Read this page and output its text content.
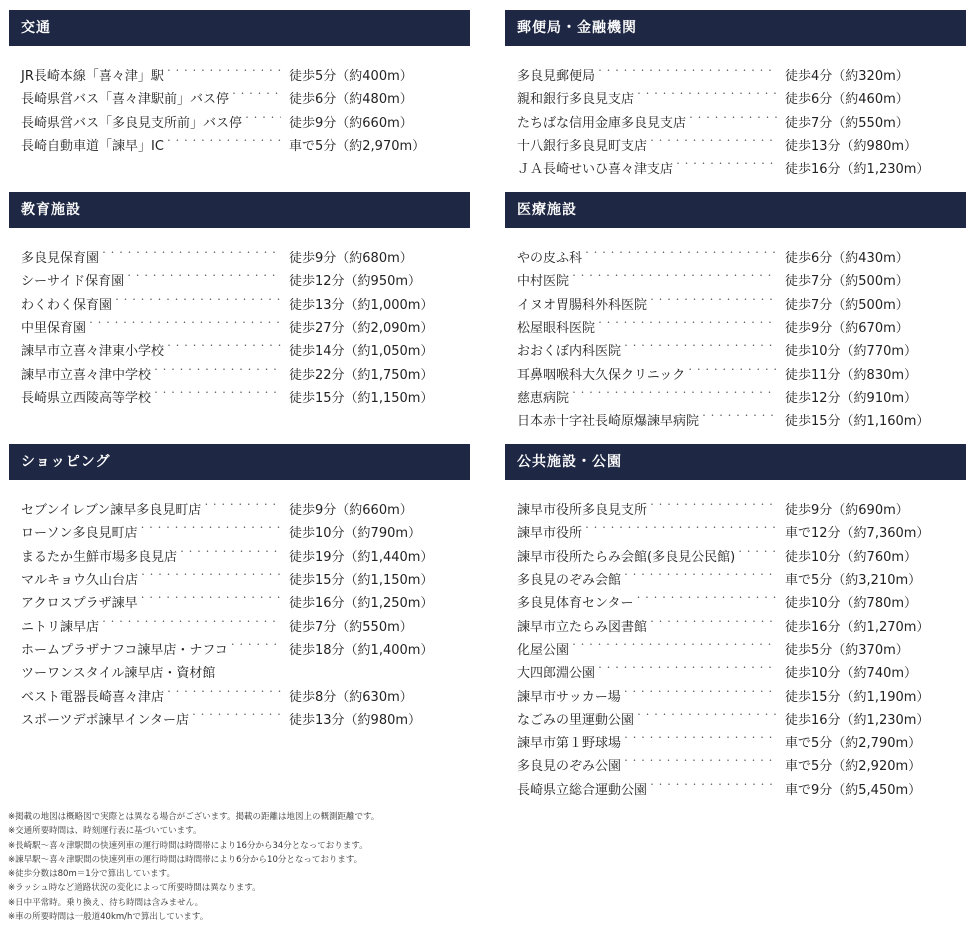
交通
JR長崎本線「喜々津」駅 ・・・・・・・・・・・・・・・・・・・・・・・・・・・・・・・・・・・・・・・・・・・・・・・・・・・・・・・・・・・・・・・・・・	徒歩5分（約400m）
長崎県営バス「喜々津駅前」バス停 ・・・・・・・・・・・・・・・・・・・・・・・・・・・・・・・・・・・・・・・・・・・・・・・・・・・・・・・・・・・・・・・・・・	徒歩6分（約480m）
長崎県営バス「多良見支所前」バス停 ・・・・・・・・・・・・・・・・・・・・・・・・・・・・・・・・・・・・・・・・・・・・・・・・・・・・・・・・・・・・・・・・・・	徒歩9分（約660m）
長崎自動車道「諫早」IC ・・・・・・・・・・・・・・・・・・・・・・・・・・・・・・・・・・・・・・・・・・・・・・・・・・・・・・・・・・・・・・・・・・	車で5分（約2,970m）
郵便局・金融機関
多良見郵便局 ・・・・・・・・・・・・・・・・・・・・・・・・・・・・・・・・・・・・・・・・・・・・・・・・・・・・・・・・・・・・・・・・・・	徒歩4分（約320m）
親和銀行多良見支店 ・・・・・・・・・・・・・・・・・・・・・・・・・・・・・・・・・・・・・・・・・・・・・・・・・・・・・・・・・・・・・・・・・・	徒歩6分（約460m）
たちばな信用金庫多良見支店 ・・・・・・・・・・・・・・・・・・・・・・・・・・・・・・・・・・・・・・・・・・・・・・・・・・・・・・・・・・・・・・・・・・	徒歩7分（約550m）
十八銀行多良見町支店 ・・・・・・・・・・・・・・・・・・・・・・・・・・・・・・・・・・・・・・・・・・・・・・・・・・・・・・・・・・・・・・・・・・	徒歩13分（約980m）
ＪＡ長崎せいひ喜々津支店 ・・・・・・・・・・・・・・・・・・・・・・・・・・・・・・・・・・・・・・・・・・・・・・・・・・・・・・・・・・・・・・・・・・	徒歩16分（約1,230m）
教育施設
多良見保育園 ・・・・・・・・・・・・・・・・・・・・・・・・・・・・・・・・・・・・・・・・・・・・・・・・・・・・・・・・・・・・・・・・・・	徒歩9分（約680m）
シーサイド保育園 ・・・・・・・・・・・・・・・・・・・・・・・・・・・・・・・・・・・・・・・・・・・・・・・・・・・・・・・・・・・・・・・・・・	徒歩12分（約950m）
わくわく保育園 ・・・・・・・・・・・・・・・・・・・・・・・・・・・・・・・・・・・・・・・・・・・・・・・・・・・・・・・・・・・・・・・・・・	徒歩13分（約1,000m）
中里保育園 ・・・・・・・・・・・・・・・・・・・・・・・・・・・・・・・・・・・・・・・・・・・・・・・・・・・・・・・・・・・・・・・・・・	徒歩27分（約2,090m）
諫早市立喜々津東小学校 ・・・・・・・・・・・・・・・・・・・・・・・・・・・・・・・・・・・・・・・・・・・・・・・・・・・・・・・・・・・・・・・・・・	徒歩14分（約1,050m）
諫早市立喜々津中学校 ・・・・・・・・・・・・・・・・・・・・・・・・・・・・・・・・・・・・・・・・・・・・・・・・・・・・・・・・・・・・・・・・・・	徒歩22分（約1,750m）
長崎県立西陵高等学校 ・・・・・・・・・・・・・・・・・・・・・・・・・・・・・・・・・・・・・・・・・・・・・・・・・・・・・・・・・・・・・・・・・・	徒歩15分（約1,150m）
医療施設
やの皮ふ科 ・・・・・・・・・・・・・・・・・・・・・・・・・・・・・・・・・・・・・・・・・・・・・・・・・・・・・・・・・・・・・・・・・・	徒歩6分（約430m）
中村医院 ・・・・・・・・・・・・・・・・・・・・・・・・・・・・・・・・・・・・・・・・・・・・・・・・・・・・・・・・・・・・・・・・・・	徒歩7分（約500m）
イヌオ胃腸科外科医院 ・・・・・・・・・・・・・・・・・・・・・・・・・・・・・・・・・・・・・・・・・・・・・・・・・・・・・・・・・・・・・・・・・・	徒歩7分（約500m）
松屋眼科医院 ・・・・・・・・・・・・・・・・・・・・・・・・・・・・・・・・・・・・・・・・・・・・・・・・・・・・・・・・・・・・・・・・・・	徒歩9分（約670m）
おおくぼ内科医院 ・・・・・・・・・・・・・・・・・・・・・・・・・・・・・・・・・・・・・・・・・・・・・・・・・・・・・・・・・・・・・・・・・・	徒歩10分（約770m）
耳鼻咽喉科大久保クリニック ・・・・・・・・・・・・・・・・・・・・・・・・・・・・・・・・・・・・・・・・・・・・・・・・・・・・・・・・・・・・・・・・・・	徒歩11分（約830m）
慈恵病院 ・・・・・・・・・・・・・・・・・・・・・・・・・・・・・・・・・・・・・・・・・・・・・・・・・・・・・・・・・・・・・・・・・・	徒歩12分（約910m）
日本赤十字社長崎原爆諫早病院 ・・・・・・・・・・・・・・・・・・・・・・・・・・・・・・・・・・・・・・・・・・・・・・・・・・・・・・・・・・・・・・・・・・	徒歩15分（約1,160m）
ショッピング
セブンイレブン諫早多良見町店 ・・・・・・・・・・・・・・・・・・・・・・・・・・・・・・・・・・・・・・・・・・・・・・・・・・・・・・・・・・・・・・・・・・	徒歩9分（約660m）
ローソン多良見町店 ・・・・・・・・・・・・・・・・・・・・・・・・・・・・・・・・・・・・・・・・・・・・・・・・・・・・・・・・・・・・・・・・・・	徒歩10分（約790m）
まるたか生鮮市場多良見店 ・・・・・・・・・・・・・・・・・・・・・・・・・・・・・・・・・・・・・・・・・・・・・・・・・・・・・・・・・・・・・・・・・・	徒歩19分（約1,440m）
マルキョウ久山台店 ・・・・・・・・・・・・・・・・・・・・・・・・・・・・・・・・・・・・・・・・・・・・・・・・・・・・・・・・・・・・・・・・・・	徒歩15分（約1,150m）
アクロスプラザ諫早 ・・・・・・・・・・・・・・・・・・・・・・・・・・・・・・・・・・・・・・・・・・・・・・・・・・・・・・・・・・・・・・・・・・	徒歩16分（約1,250m）
ニトリ諫早店 ・・・・・・・・・・・・・・・・・・・・・・・・・・・・・・・・・・・・・・・・・・・・・・・・・・・・・・・・・・・・・・・・・・	徒歩7分（約550m）
ホームプラザナフコ諫早店・ナフコ ・・・・・・・・・・・・・・・・・・・・・・・・・・・・・・・・・・・・・・・・・・・・・・・・・・・・・・・・・・・・・・・・・・	徒歩18分（約1,400m）
ツーワンスタイル諫早店・資材館
ベスト電器長崎喜々津店 ・・・・・・・・・・・・・・・・・・・・・・・・・・・・・・・・・・・・・・・・・・・・・・・・・・・・・・・・・・・・・・・・・・	徒歩8分（約630m）
スポーツデポ諫早インター店 ・・・・・・・・・・・・・・・・・・・・・・・・・・・・・・・・・・・・・・・・・・・・・・・・・・・・・・・・・・・・・・・・・・	徒歩13分（約980m）
公共施設・公園
諫早市役所多良見支所 ・・・・・・・・・・・・・・・・・・・・・・・・・・・・・・・・・・・・・・・・・・・・・・・・・・・・・・・・・・・・・・・・・・	徒歩9分（約690m）
諫早市役所 ・・・・・・・・・・・・・・・・・・・・・・・・・・・・・・・・・・・・・・・・・・・・・・・・・・・・・・・・・・・・・・・・・・	車で12分（約7,360m）
諫早市役所たらみ会館(多良見公民館) ・・・・・・・・・・・・・・・・・・・・・・・・・・・・・・・・・・・・・・・・・・・・・・・・・・・・・・・・・・・・・・・・・・	徒歩10分（約760m）
多良見のぞみ会館 ・・・・・・・・・・・・・・・・・・・・・・・・・・・・・・・・・・・・・・・・・・・・・・・・・・・・・・・・・・・・・・・・・・	車で5分（約3,210m）
多良見体育センター ・・・・・・・・・・・・・・・・・・・・・・・・・・・・・・・・・・・・・・・・・・・・・・・・・・・・・・・・・・・・・・・・・・	徒歩10分（約780m）
諫早市立たらみ図書館 ・・・・・・・・・・・・・・・・・・・・・・・・・・・・・・・・・・・・・・・・・・・・・・・・・・・・・・・・・・・・・・・・・・	徒歩16分（約1,270m）
化屋公園 ・・・・・・・・・・・・・・・・・・・・・・・・・・・・・・・・・・・・・・・・・・・・・・・・・・・・・・・・・・・・・・・・・・	徒歩5分（約370m）
大四郎淵公園 ・・・・・・・・・・・・・・・・・・・・・・・・・・・・・・・・・・・・・・・・・・・・・・・・・・・・・・・・・・・・・・・・・・	徒歩10分（約740m）
諫早市サッカー場 ・・・・・・・・・・・・・・・・・・・・・・・・・・・・・・・・・・・・・・・・・・・・・・・・・・・・・・・・・・・・・・・・・・	徒歩15分（約1,190m）
なごみの里運動公園 ・・・・・・・・・・・・・・・・・・・・・・・・・・・・・・・・・・・・・・・・・・・・・・・・・・・・・・・・・・・・・・・・・・	徒歩16分（約1,230m）
諫早市第１野球場 ・・・・・・・・・・・・・・・・・・・・・・・・・・・・・・・・・・・・・・・・・・・・・・・・・・・・・・・・・・・・・・・・・・	車で5分（約2,790m）
多良見のぞみ公園 ・・・・・・・・・・・・・・・・・・・・・・・・・・・・・・・・・・・・・・・・・・・・・・・・・・・・・・・・・・・・・・・・・・	車で5分（約2,920m）
長崎県立総合運動公園 ・・・・・・・・・・・・・・・・・・・・・・・・・・・・・・・・・・・・・・・・・・・・・・・・・・・・・・・・・・・・・・・・・・	車で9分（約5,450m）
※掲載の地図は概略図で実際とは異なる場合がございます。掲載の距離は地図上の概測距離です。
※交通所要時間は、時刻運行表に基づいています。
※長崎駅～喜々津駅間の快速列車の運行時間は時間帯により16分から34分となっております。
※諫早駅～喜々津駅間の快速列車の運行時間は時間帯により6分から10分となっております。
※徒歩分数は80m＝1分で算出しています。
※ラッシュ時など道路状況の変化によって所要時間は異なります。
※日中平常時。乗り換え、待ち時間は含みません。
※車の所要時間は一般道40km/hで算出しています。
